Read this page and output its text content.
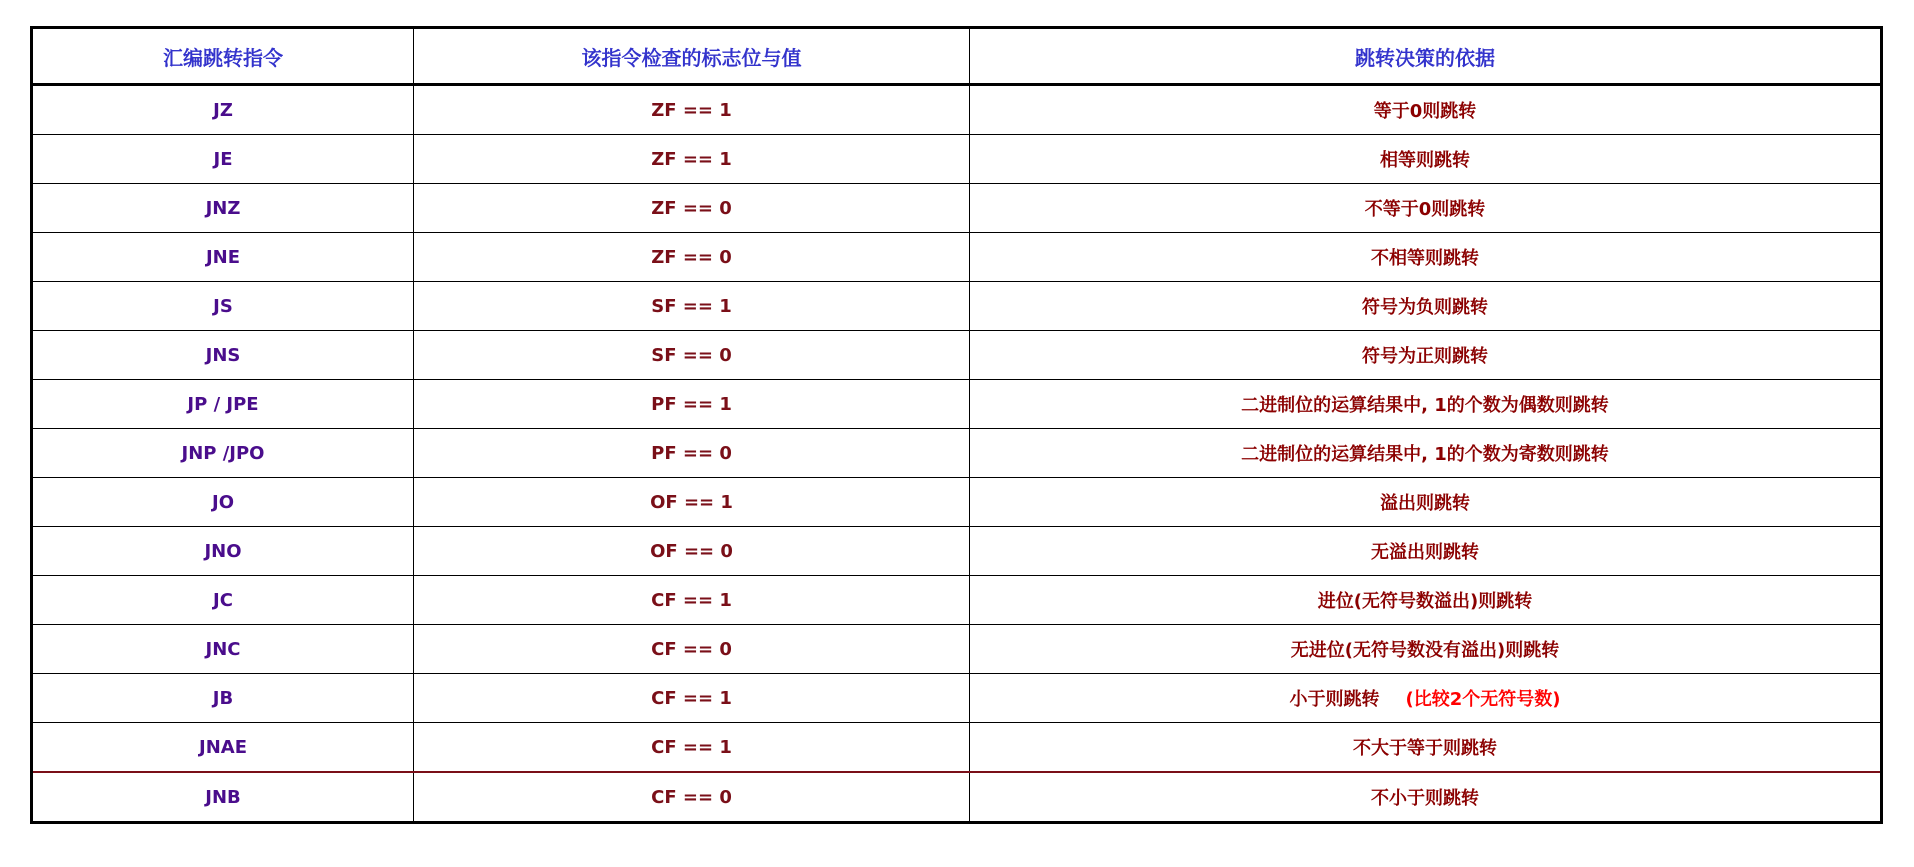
汇编跳转指令	该指令检查的标志位与值	跳转决策的依据
JZ	ZF == 1	等于0则跳转
JE	ZF == 1	相等则跳转
JNZ	ZF == 0	不等于0则跳转
JNE	ZF == 0	不相等则跳转
JS	SF == 1	符号为负则跳转
JNS	SF == 0	符号为正则跳转
JP / JPE	PF == 1	二进制位的运算结果中, 1的个数为偶数则跳转
JNP /JPO	PF == 0	二进制位的运算结果中, 1的个数为寄数则跳转
JO	OF == 1	溢出则跳转
JNO	OF == 0	无溢出则跳转
JC	CF == 1	进位(无符号数溢出)则跳转
JNC	CF == 0	无进位(无符号数没有溢出)则跳转
JB	CF == 1	小于则跳转 (比较2个无符号数)
JNAE	CF == 1	不大于等于则跳转
JNB	CF == 0	不小于则跳转
